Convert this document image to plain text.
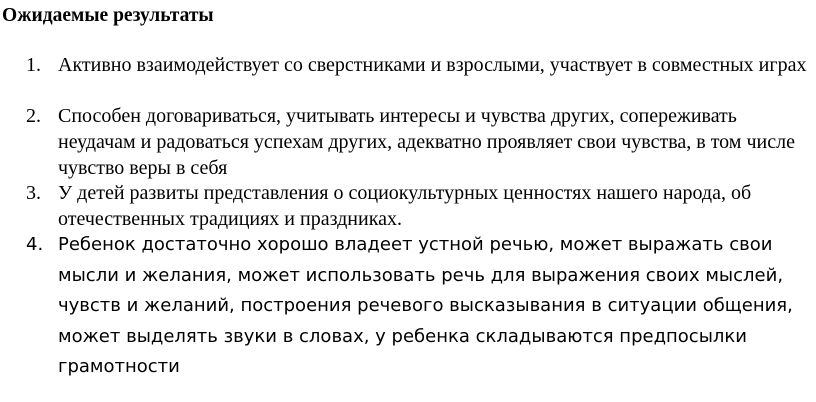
Ожидаемые результаты
1. Активно взаимодействует со сверстниками и взрослыми, участвует в совместных играх
2. Способен договариваться, учитывать интересы и чувства других, сопереживать неудачам и радоваться успехам других, адекватно проявляет свои чувства, в том числе чувство веры в себя
3. У детей развиты представления о социокультурных ценностях нашего народа, об отечественных традициях и праздниках.
4. Ребенок достаточно хорошо владеет устной речью, может выражать свои мысли и желания, может использовать речь для выражения своих мыслей, чувств и желаний, построения речевого высказывания в ситуации общения, может выделять звуки в словах, у ребенка складываются предпосылки грамотности
